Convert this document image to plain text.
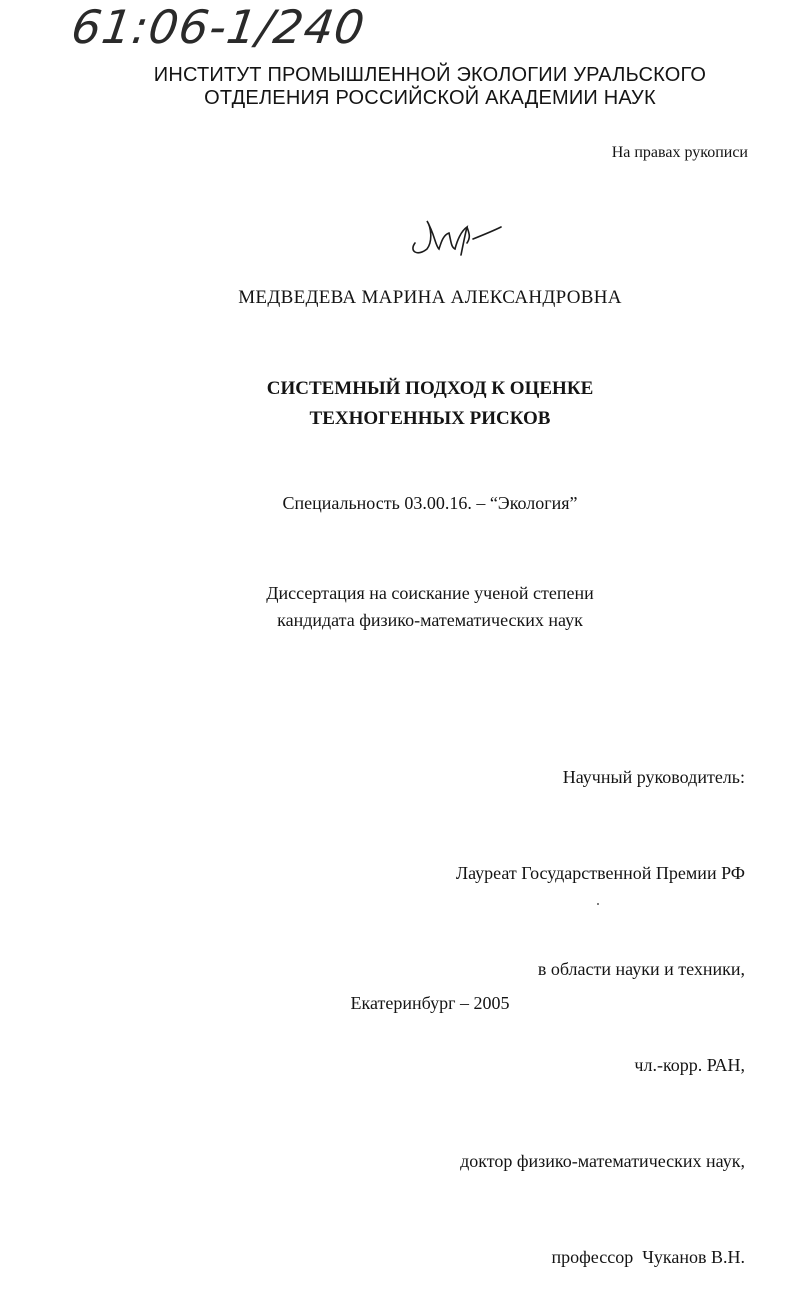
61:06-1/240
ИНСТИТУТ ПРОМЫШЛЕННОЙ ЭКОЛОГИИ УРАЛЬСКОГО
ОТДЕЛЕНИЯ РОССИЙСКОЙ АКАДЕМИИ НАУК
На правах рукописи
МЕДВЕДЕВА МАРИНА АЛЕКСАНДРОВНА
СИСТЕМНЫЙ ПОДХОД К ОЦЕНКЕ
ТЕХНОГЕННЫХ РИСКОВ
Специальность 03.00.16. – “Экология”
Диссертация на соискание ученой степени
кандидата физико-математических наук

Научный руководитель:

Лауреат Государственной Премии РФ

в области науки и техники,

чл.-корр. РАН,

доктор физико-математических наук,

профессор  Чуканов В.Н.

Екатеринбург – 2005
